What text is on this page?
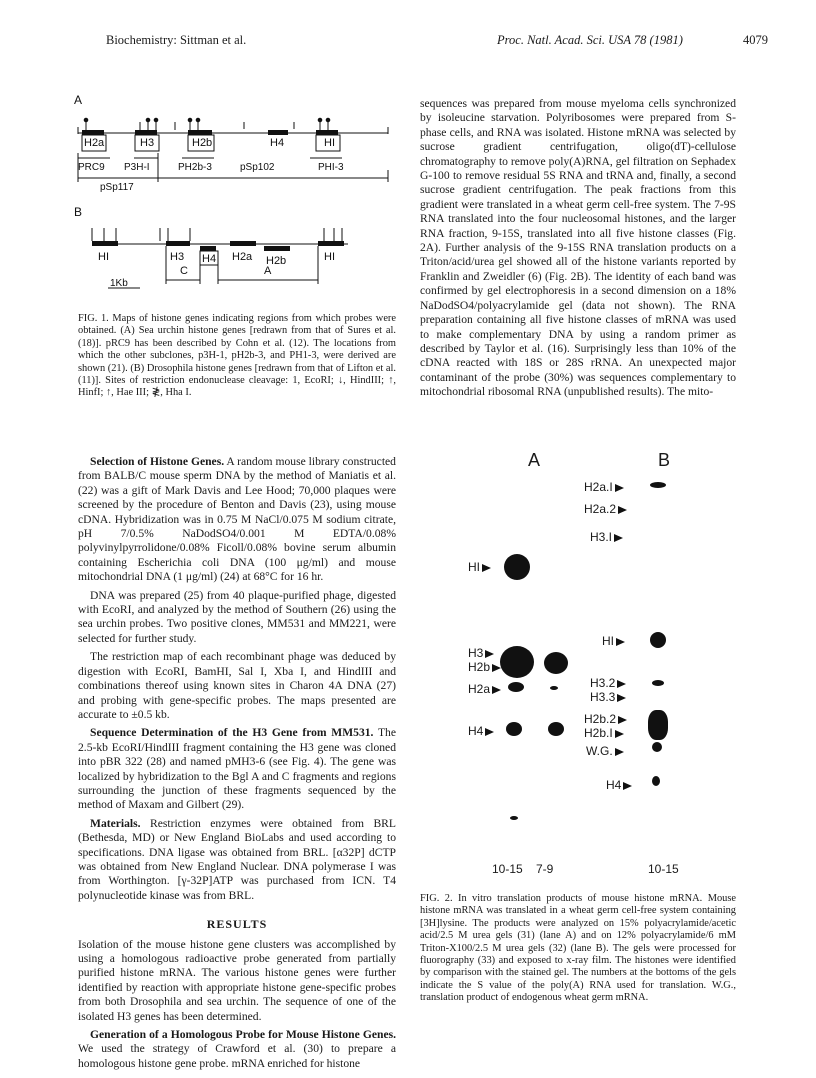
Biochemistry: Sittman et al.	Proc. Natl. Acad. Sci. USA 78 (1981)	4079
H2a	H3	H2b	H4	HI
PRC9 P3H-I	PH2b-3	pSp102	PHI-3
pSp117
HI	H3 H4 H2a H2b	HI
C	A
1Kb
A
B
FIG. 1. Maps of histone genes indicating regions from which probes were obtained. (A) Sea urchin histone genes [redrawn from that of Sures et al. (18)]. pRC9 has been described by Cohn et al. (12). The locations from which the other subclones, p3H-1, pH2b-3, and PH1-3, were derived are shown (21). (B) Drosophila histone genes [redrawn from that of Lifton et al. (11)]. Sites of restriction endonuclease cleavage: 1, EcoRI; ↓, HindIII; ↑, HinfI; ↑, Hae III; ≹, Hha I.

Selection of Histone Genes. A random mouse library constructed from BALB/C mouse sperm DNA by the method of Maniatis et al. (22) was a gift of Mark Davis and Lee Hood; 70,000 plaques were screened by the procedure of Benton and Davis (23), using mouse cDNA. Hybridization was in 0.75 M NaCl/0.075 M sodium citrate, pH 7/0.5% NaDodSO4/0.001 M EDTA/0.08% polyvinylpyrrolidone/0.08% Ficoll/0.08% bovine serum albumin containing Escherichia coli DNA (100 μg/ml) and mouse mitochondrial DNA (1 μg/ml) (24) at 68°C for 16 hr.

DNA was prepared (25) from 40 plaque-purified phage, digested with EcoRI, and analyzed by the method of Southern (26) using the sea urchin probes. Two positive clones, MM531 and MM221, were selected for further study.

The restriction map of each recombinant phage was deduced by digestion with EcoRI, BamHI, Sal I, Xba I, and HindIII and combinations thereof using known sites in Charon 4A DNA (27) and probing with gene-specific probes. The maps presented are accurate to ±0.5 kb.

Sequence Determination of the H3 Gene from MM531. The 2.5-kb EcoRI/HindIII fragment containing the H3 gene was cloned into pBR 322 (28) and named pMH3-6 (see Fig. 4). The gene was localized by hybridization to the Bgl A and C fragments and regions surrounding the junction of these fragments sequenced by the method of Maxam and Gilbert (29).

Materials. Restriction enzymes were obtained from BRL (Bethesda, MD) or New England BioLabs and used according to specifications. DNA ligase was obtained from BRL. [α32P] dCTP was obtained from New England Nuclear. DNA polymerase I was from Worthington. [γ-32P]ATP was purchased from ICN. T4 polynucleotide kinase was from BRL.

RESULTS

Isolation of the mouse histone gene clusters was accomplished by using a homologous radioactive probe generated from partially purified histone mRNA. The various histone genes were further identified by reaction with appropriate histone gene-specific probes from both Drosophila and sea urchin. The sequence of one of the isolated H3 genes has been determined.

Generation of a Homologous Probe for Mouse Histone Genes. We used the strategy of Crawford et al. (30) to prepare a homologous histone gene probe. mRNA enriched for histone

sequences was prepared from mouse myeloma cells synchronized by isoleucine starvation. Polyribosomes were prepared from S-phase cells, and RNA was isolated. Histone mRNA was selected by sucrose gradient centrifugation, oligo(dT)-cellulose chromatography to remove poly(A)RNA, gel filtration on Sephadex G-100 to remove residual 5S RNA and tRNA and, finally, a second sucrose gradient centrifugation. The peak fractions from this gradient were translated in a wheat germ cell-free system. The 7-9S RNA translated into the four nucleosomal histones, and the larger RNA fraction, 9-15S, translated into all five histone classes (Fig. 2A). Further analysis of the 9-15S RNA translation products on a Triton/acid/urea gel showed all of the histone variants reported by Franklin and Zweidler (6) (Fig. 2B). The identity of each band was confirmed by gel electrophoresis in a second dimension on a 18% NaDodSO4/polyacrylamide gel (data not shown). The RNA preparation containing all five histone classes of mRNA was used to make complementary DNA by using a random primer as described by Taylor et al. (16). Surprisingly less than 10% of the cDNA reacted with 18S or 28S rRNA. An unexpected major contaminant of the probe (30%) was sequences complementary to mitochondrial ribosomal RNA (unpublished results). The mito-

A	B
HI
H3
H2b
H2a
H4
H2a.I
H2a.2
H3.I
HI
H3.2
H3.3
H2b.2
H2b.I
W.G.
H4
10-15 7-9	10-15
FIG. 2. In vitro translation products of mouse histone mRNA. Mouse histone mRNA was translated in a wheat germ cell-free system containing [3H]lysine. The products were analyzed on 15% polyacrylamide/acetic acid/2.5 M urea gels (31) (lane A) and on 12% polyacrylamide/6 mM Triton-X100/2.5 M urea gels (32) (lane B). The gels were processed for fluorography (33) and exposed to x-ray film. The histones were identified by comparison with the stained gel. The numbers at the bottoms of the gels indicate the S value of the poly(A) RNA used for translation. W.G., translation product of endogenous wheat germ mRNA.
